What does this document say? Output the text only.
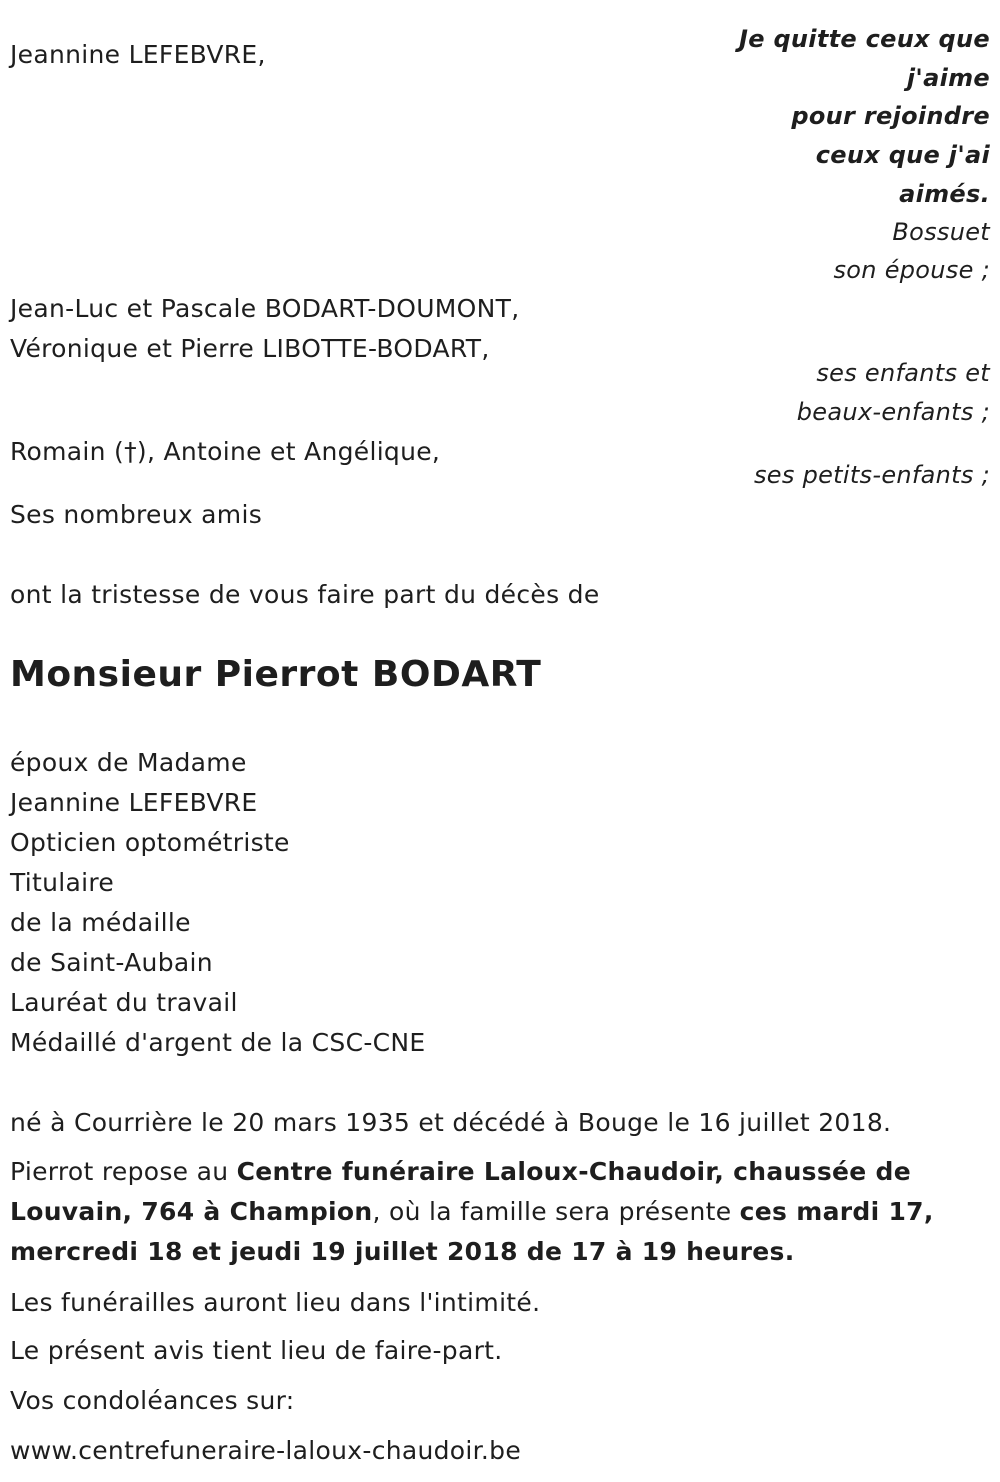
Jeannine LEFEBVRE,
Je quitte ceux que
j'aime
pour rejoindre
ceux que j'ai
aimés.
Bossuet
son épouse ;
Jean-Luc et Pascale BODART-DOUMONT,
Véronique et Pierre LIBOTTE-BODART,
ses enfants et
beaux-enfants ;
Romain (†), Antoine et Angélique,
ses petits-enfants ;
Ses nombreux amis
ont la tristesse de vous faire part du décès de
Monsieur Pierrot BODART
époux de Madame
Jeannine LEFEBVRE
Opticien optométriste
Titulaire
de la médaille
de Saint-Aubain
Lauréat du travail
Médaillé d'argent de la CSC-CNE
né à Courrière le 20 mars 1935 et décédé à Bouge le 16 juillet 2018.
Pierrot repose au Centre funéraire Laloux-Chaudoir, chaussée de Louvain, 764 à Champion, où la famille sera présente ces mardi 17, mercredi 18 et jeudi 19 juillet 2018 de 17 à 19 heures.
Les funérailles auront lieu dans l'intimité.
Le présent avis tient lieu de faire-part.
Vos condoléances sur:
www.centrefuneraire-laloux-chaudoir.be
